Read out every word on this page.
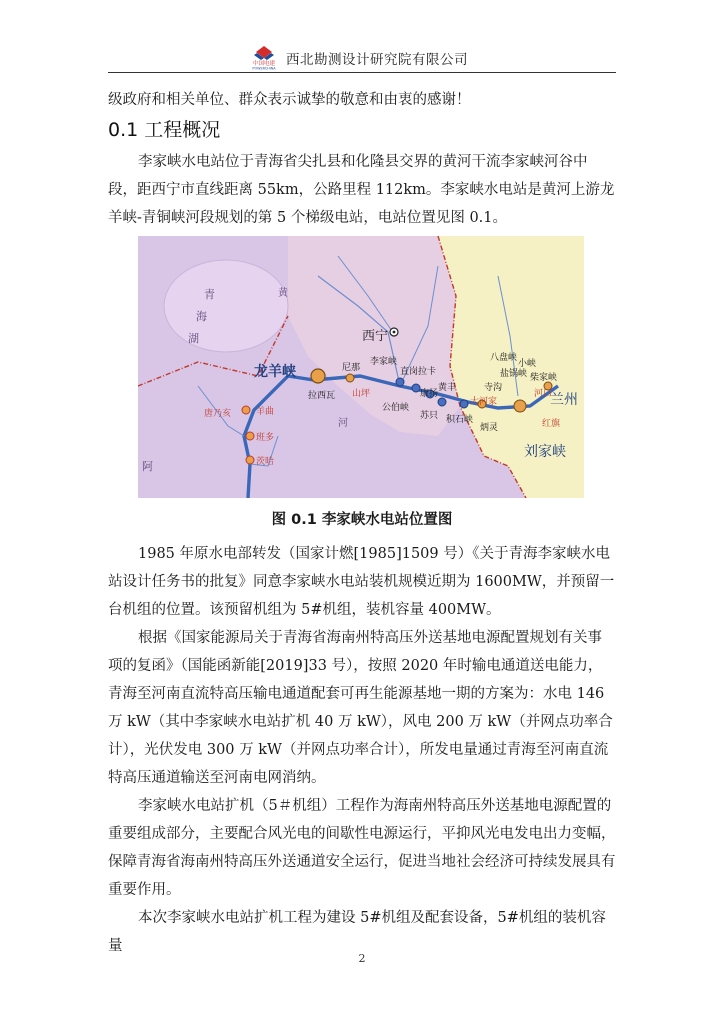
中国电建
POWERCHINA
西北勘测设计研究院有限公司

级政府和相关单位、群众表示诚挚的敬意和由衷的感谢！

0.1 工程概况

李家峡水电站位于青海省尖扎县和化隆县交界的黄河干流李家峡河谷中段，距西宁市直线距离 55km，公路里程 112km。李家峡水电站是黄河上游龙羊峡-青铜峡河段规划的第 5 个梯级电站，电站位置见图 0.1。

青
海
湖	西宁
龙羊峡
李家峡
尼那
拉西瓦 山坪
直岗拉卡
康扬
公伯峡
苏只
黄丰
积石峡
大河家
寺沟
炳灵
盐锅峡
八盘峡
河口
柴家峡
小峡
兰州
红旗
刘家峡
唐乃亥	羊曲
班多
茨哈
黄
河
阿
图 0.1 李家峡水电站位置图

1985 年原水电部转发（国家计燃[1985]1509 号）《关于青海李家峡水电站设计任务书的批复》同意李家峡水电站装机规模近期为 1600MW，并预留一台机组的位置。该预留机组为 5#机组，装机容量 400MW。

根据《国家能源局关于青海省海南州特高压外送基地电源配置规划有关事项的复函》（国能函新能[2019]33 号），按照 2020 年时输电通道送电能力，青海至河南直流特高压输电通道配套可再生能源基地一期的方案为：水电 146 万 kW（其中李家峡水电站扩机 40 万 kW），风电 200 万 kW（并网点功率合计），光伏发电 300 万 kW（并网点功率合计），所发电量通过青海至河南直流特高压通道输送至河南电网消纳。

李家峡水电站扩机（5＃机组）工程作为海南州特高压外送基地电源配置的重要组成部分，主要配合风光电的间歇性电源运行，平抑风光电发电出力变幅，保障青海省海南州特高压外送通道安全运行，促进当地社会经济可持续发展具有重要作用。

本次李家峡水电站扩机工程为建设 5#机组及配套设备，5#机组的装机容量

2
